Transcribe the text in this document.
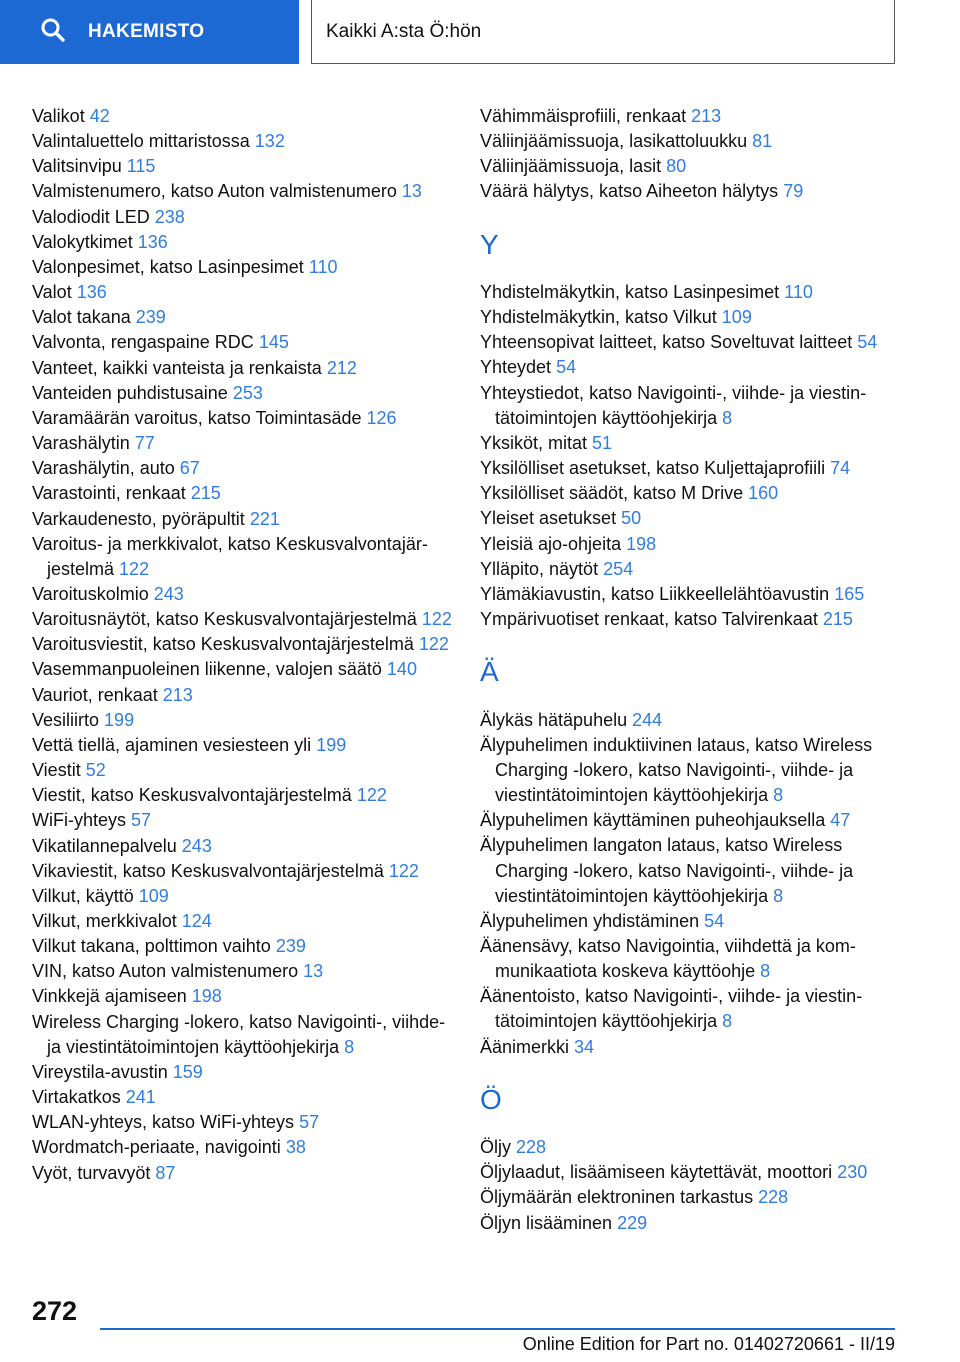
HAKEMISTO	Kaikki A:sta Ö:hön
Valikot 42
Valintaluettelo mittaristossa 132
Valitsinvipu 115
Valmistenumero, katso Auton valmistenumero 13
Valodiodit LED 238
Valokytkimet 136
Valonpesimet, katso Lasinpesimet 110
Valot 136
Valot takana 239
Valvonta, rengaspaine RDC 145
Vanteet, kaikki vanteista ja renkaista 212
Vanteiden puhdistusaine 253
Varamäärän varoitus, katso Toimintasäde 126
Varashälytin 77
Varashälytin, auto 67
Varastointi, renkaat 215
Varkaudenesto, pyöräpultit 221
Varoitus- ja merkkivalot, katso Keskusvalvontajärjestelmä 122
Varoituskolmio 243
Varoitusnäytöt, katso Keskusvalvontajärjestelmä 122
Varoitusviestit, katso Keskusvalvontajärjestelmä 122
Vasemmanpuoleinen liikenne, valojen säätö 140
Vauriot, renkaat 213
Vesiliirto 199
Vettä tiellä, ajaminen vesiesteen yli 199
Viestit 52
Viestit, katso Keskusvalvontajärjestelmä 122
WiFi-yhteys 57
Vikatilannepalvelu 243
Vikaviestit, katso Keskusvalvontajärjestelmä 122
Vilkut, käyttö 109
Vilkut, merkkivalot 124
Vilkut takana, polttimon vaihto 239
VIN, katso Auton valmistenumero 13
Vinkkejä ajamiseen 198
Wireless Charging -lokero, katso Navigointi-, viihde- ja viestintätoimintojen käyttöohjekirja 8
Vireystila-avustin 159
Virtakatkos 241
WLAN-yhteys, katso WiFi-yhteys 57
Wordmatch-periaate, navigointi 38
Vyöt, turvavyöt 87
Vähimmäisprofiili, renkaat 213
Väliinjäämissuoja, lasikattoluukku 81
Väliinjäämissuoja, lasit 80
Väärä hälytys, katso Aiheeton hälytys 79
Y
Yhdistelmäkytkin, katso Lasinpesimet 110
Yhdistelmäkytkin, katso Vilkut 109
Yhteensopivat laitteet, katso Soveltuvat laitteet 54
Yhteydet 54
Yhteystiedot, katso Navigointi-, viihde- ja viestintätoimintojen käyttöohjekirja 8
Yksiköt, mitat 51
Yksilölliset asetukset, katso Kuljettajaprofiili 74
Yksilölliset säädöt, katso M Drive 160
Yleiset asetukset 50
Yleisiä ajo-ohjeita 198
Ylläpito, näytöt 254
Ylämäkiavustin, katso Liikkeellelähtöavustin 165
Ympärivuotiset renkaat, katso Talvirenkaat 215
Ä
Älykäs hätäpuhelu 244
Älypuhelimen induktiivinen lataus, katso Wireless Charging -lokero, katso Navigointi-, viihde- ja viestintätoimintojen käyttöohjekirja 8
Älypuhelimen käyttäminen puheohjauksella 47
Älypuhelimen langaton lataus, katso Wireless Charging -lokero, katso Navigointi-, viihde- ja viestintätoimintojen käyttöohjekirja 8
Älypuhelimen yhdistäminen 54
Äänensävy, katso Navigointia, viihdettä ja kommunikaatiota koskeva käyttöohje 8
Äänentoisto, katso Navigointi-, viihde- ja viestintätoimintojen käyttöohjekirja 8
Äänimerkki 34
Ö
Öljy 228
Öljylaadut, lisäämiseen käytettävät, moottori 230
Öljymäärän elektroninen tarkastus 228
Öljyn lisääminen 229
272
Online Edition for Part no. 01402720661 - II/19
